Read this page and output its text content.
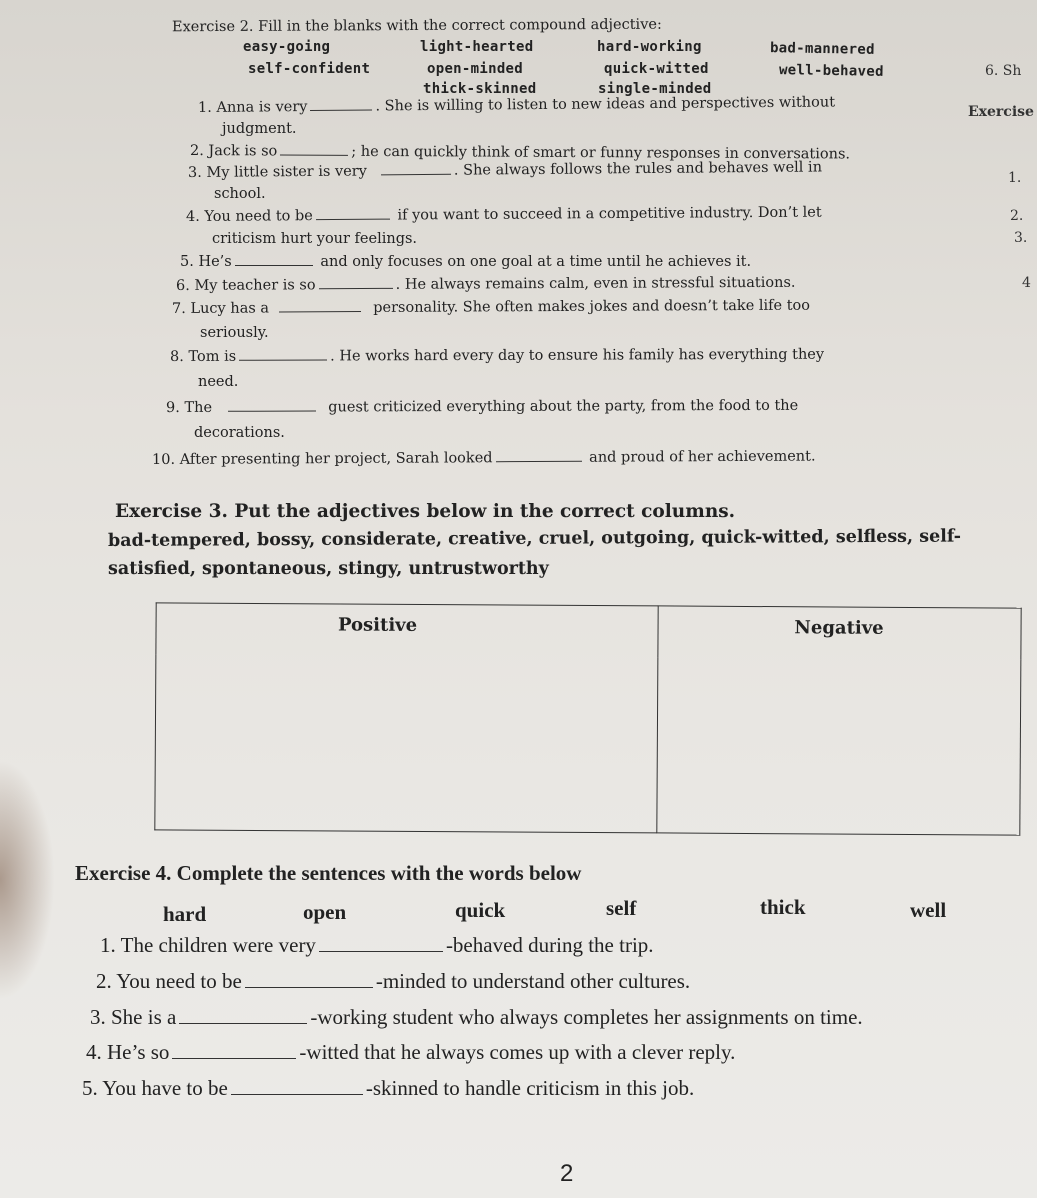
Exercise 2. Fill in the blanks with the correct compound adjective:
easy-going	light-hearted	hard-working	bad-mannered
self-confident	open-minded	quick-witted	well-behaved
thick-skinned	single-minded
6. Sh
Exercise
1.
2.
3.
4
1. Anna is very	. She is willing to listen to new ideas and perspectives without
judgment.
2. Jack is so	; he can quickly think of smart or funny responses in conversations.
3. My little sister is very	. She always follows the rules and behaves well in
school.
4. You need to be	if you want to succeed in a competitive industry. Don’t let
criticism hurt your feelings.
5. He’s	and only focuses on one goal at a time until he achieves it.
6. My teacher is so	. He always remains calm, even in stressful situations.
7. Lucy has a	personality. She often makes jokes and doesn’t take life too
seriously.
8. Tom is	. He works hard every day to ensure his family has everything they
need.
9. The	guest criticized everything about the party, from the food to the
decorations.
10. After presenting her project, Sarah looked	and proud of her achievement.
Exercise 3. Put the adjectives below in the correct columns.
bad-tempered, bossy, considerate, creative, cruel, outgoing, quick-witted, selfless, self-
satisfied, spontaneous, stingy, untrustworthy
Positive	Negative

Exercise 4. Complete the sentences with the words below
hard	open	quick	self	thick	well
1. The children were very	-behaved during the trip.
2. You need to be	-minded to understand other cultures.
3. She is a	-working student who always completes her assignments on time.
4. He’s so	-witted that he always comes up with a clever reply.
5. You have to be	-skinned to handle criticism in this job.
2
